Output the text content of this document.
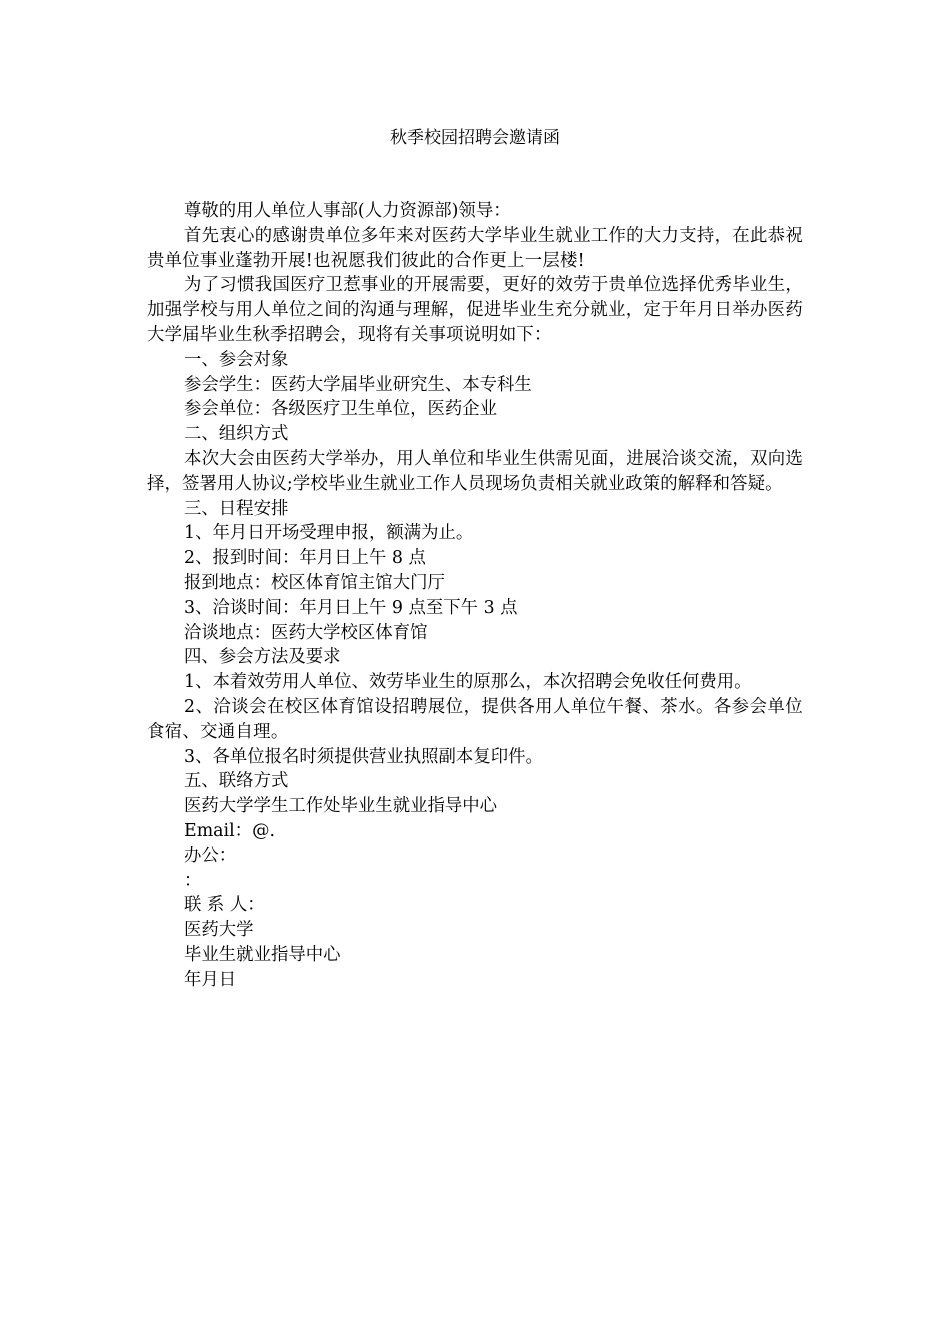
秋季校园招聘会邀请函

尊敬的用人单位人事部(人力资源部)领导：

首先衷心的感谢贵单位多年来对医药大学毕业生就业工作的大力支持，在此恭祝贵单位事业蓬勃开展!也祝愿我们彼此的合作更上一层楼!

为了习惯我国医疗卫惹事业的开展需要，更好的效劳于贵单位选择优秀毕业生，加强学校与用人单位之间的沟通与理解，促进毕业生充分就业，定于年月日举办医药大学届毕业生秋季招聘会，现将有关事项说明如下：

一、参会对象

参会学生：医药大学届毕业研究生、本专科生

参会单位：各级医疗卫生单位，医药企业

二、组织方式

本次大会由医药大学举办，用人单位和毕业生供需见面，进展洽谈交流，双向选择，签署用人协议;学校毕业生就业工作人员现场负责相关就业政策的解释和答疑。

三、日程安排

1、年月日开场受理申报，额满为止。

2、报到时间：年月日上午 8 点

报到地点：校区体育馆主馆大门厅

3、洽谈时间：年月日上午 9 点至下午 3 点

洽谈地点：医药大学校区体育馆

四、参会方法及要求

1、本着效劳用人单位、效劳毕业生的原那么，本次招聘会免收任何费用。

2、洽谈会在校区体育馆设招聘展位，提供各用人单位午餐、茶水。各参会单位食宿、交通自理。

3、各单位报名时须提供营业执照副本复印件。

五、联络方式

医药大学学生工作处毕业生就业指导中心

Email：@.

办公：

：

联 系 人：

医药大学

毕业生就业指导中心

年月日
